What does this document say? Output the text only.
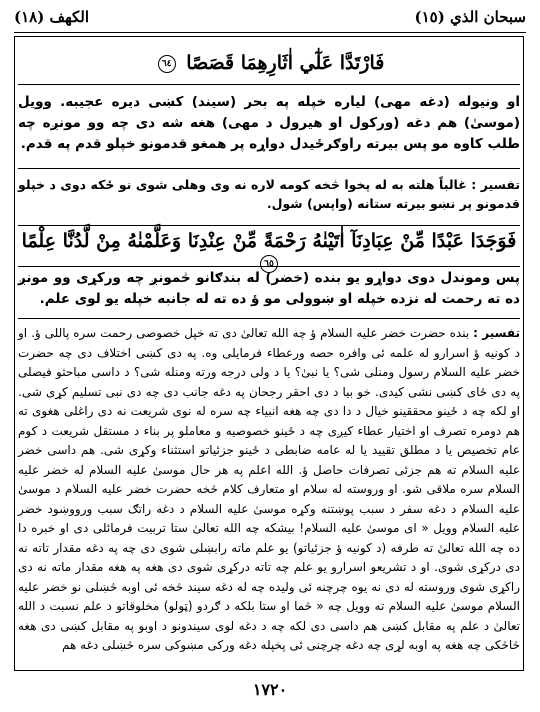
سبحان الذي (١٥)
الكهف (١٨)
فَارْتَدَّا عَلٰٓي اٰثَارِهِمَا قَصَصًا ٦٤
او ونیوله (دغه مهی) لیاره خپله په بحر (سیند) کښی دیره عجیبه. وویل (موسیٰ) هم دغه (ورکول او هیرول د مهی) هغه شه دی چه وو مونږه چه طلب کاوه مو پس بیرته راوګرځیدل دواړه پر همغو قدمونو خپلو قدم په قدم.
تفسیر : غالباً هلته به له پخوا څخه کومه لاره نه وی وهلی شوی نو ځکه دوی د خپلو قدمونو پر نښو بیرته ستانه (واپس) شول.
فَوَجَدَا عَبْدًا مِّنْ عِبَادِنَآ اٰتَيْنٰهُ رَحْمَةً مِّنْ عِنْدِنَا وَعَلَّمْنٰهُ مِنْ لَّدُنَّا عِلْمًا ٦٥
پس وموندل دوی دواړو یو بنده (خضر) له بندګانو څمونږ چه ورکړی وو مونږ ده ته رحمت له نزده خپله او ښوولی مو ؤ ده ته له جانبه خپله یو لوی علم.
تفسیر : بنده حضرت خضر علیه السلام ؤ چه الله تعالیٰ دی ته خپل خصوصی رحمت سره پاللی ؤ. او د کونیه ؤ اسرارو له علمه ئی وافره حصه ورعطاء فرمایلی وه. په دی کښی اختلاف دی چه حضرت خضر علیه السلام رسول ومنلی شی؟ یا نبیٰ؟ یا د ولی درجه ورته ومنله شی؟ د داسی مباحثو فیصلی په دی ځای کښی نشی کیدی. خو بیا د دی احقر رجحان په دغه جانب دی چه دی نبی تسلیم کړی شی. او لکه چه د ځینو محققینو خیال د دا دی چه هغه انبیاء چه سره له نوی شریعت نه دی راغلی هغوی ته هم دومره تصرف او اختیار عطاء کیږی چه د ځینو خصوصیه و معاملو پر بناء د مستقل شریعت د کوم عام تخصیص یا د مطلق تقیید یا له عامه ضابطی د ځینو جزئیاتو استثناء وکړی شی. هم داسی خضر علیه السلام ته هم جزئی تصرفات حاصل ؤ. الله اعلم په هر حال موسیٰ علیه السلام له خضر علیه السلام سره ملاقی شو. او وروسته له سلام او متعارف کلام څخه حضرت خضر علیه السلام د موسیٰ علیه السلام د دغه سفر د سبب پوښتنه وکړه موسیٰ علیه السلام د دغه راتګ سبب ورووښود خضر علیه السلام وویل « ای موسیٰ علیه السلام! بیشکه چه الله تعالیٰ ستا تربیت فرمائلی دی او خبره دا ده چه الله تعالیٰ ته طرفه (د کونیه ؤ جزئیاتو) یو علم ماته رابښلی شوی دی چه په دغه مقدار تاته نه دی درکړی شوی. او د تشریعو اسرارو یو علم چه تاته درکړی شوی دی هغه په هغه مقدار ماته نه دی راکړی شوی وروسته له دی نه یوه چرچنه ئی ولیده چه له دغه سیند څخه ئی اوبه څښلی نو خضر علیه السلام موسیٰ علیه السلام ته وویل چه « څما او ستا بلکه د ګردو (ټولو) مخلوقاتو د علم نسبت د الله تعالیٰ د علم په مقابل کښی هم داسی دی لکه چه د دغه لوی سیندونو د اوبو په مقابل کښی دی هغه څاڅکی چه هغه په اوبه لړی چه دغه چرچنی ئی پخپله دغه ورکی مښوکی سره څښلی دغه هم
١٧٢٠
